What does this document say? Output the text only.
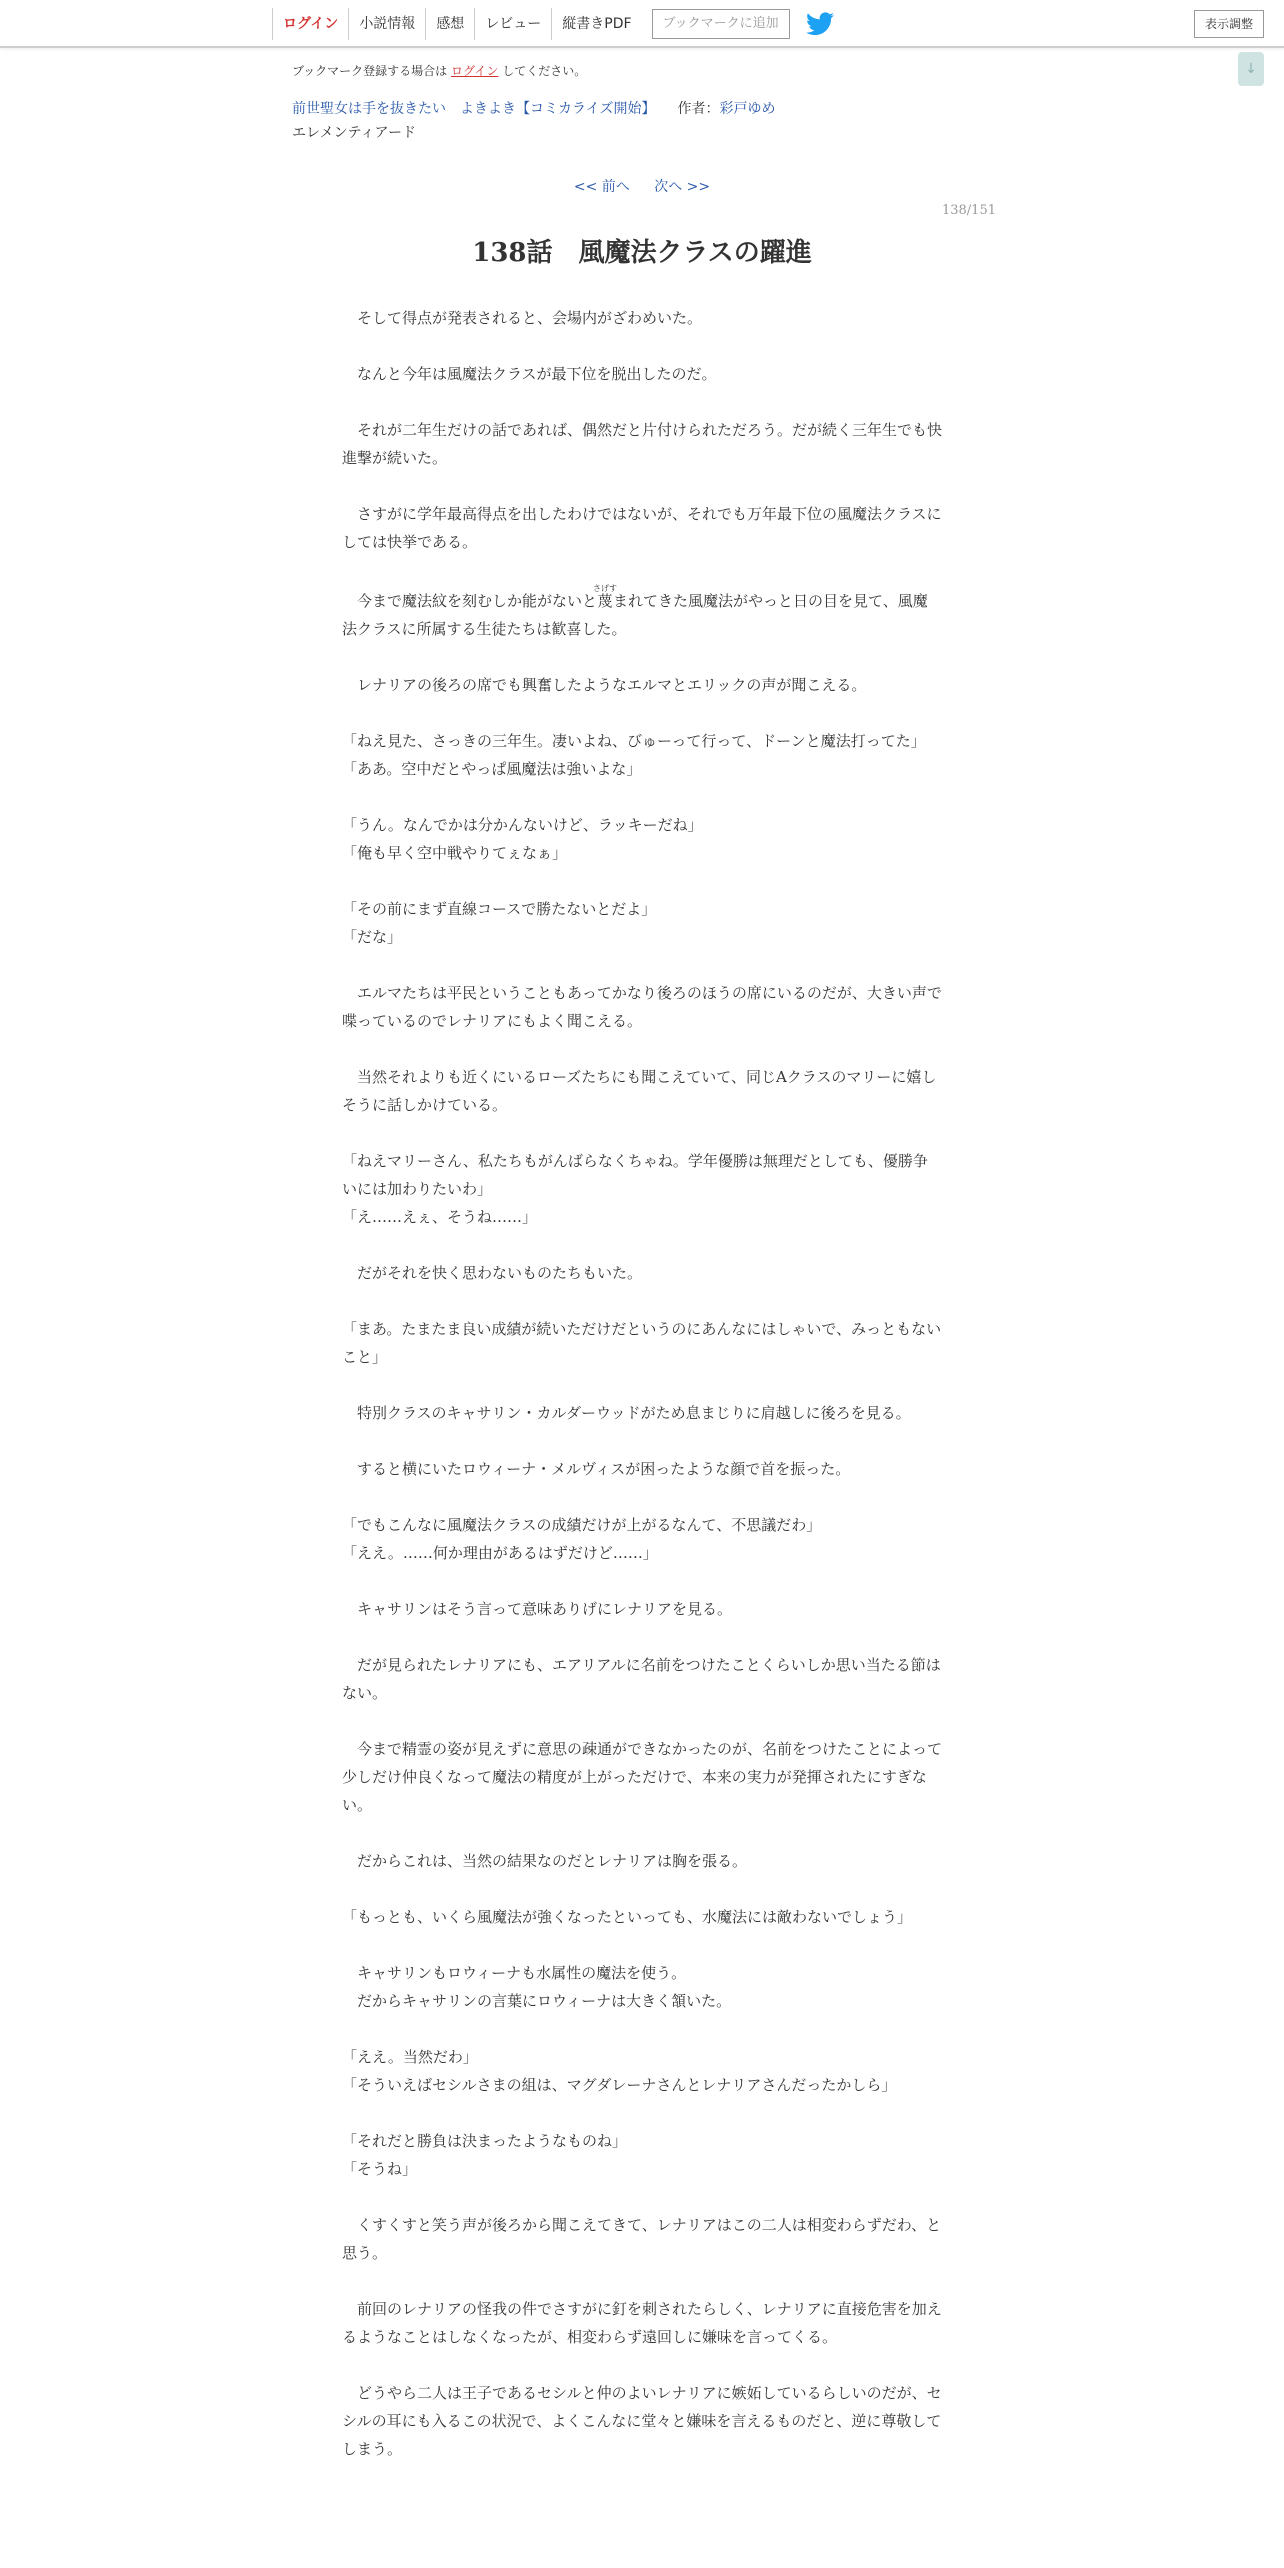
ログイン	小説情報	感想	レビュー	縦書きPDF	ブックマークに追加	表示調整
↓
ブックマーク登録する場合は ログイン してください。
前世聖女は手を抜きたい　よきよき【コミカライズ開始】 作者：彩戸ゆめ
エレメンティアード
<< 前へ 次へ >>
138/151
138話　風魔法クラスの躍進

　そして得点が発表されると、会場内がざわめいた。

　なんと今年は風魔法クラスが最下位を脱出したのだ。

　それが二年生だけの話であれば、偶然だと片付けられただろう。だが続く三年生でも快進撃が続いた。

　さすがに学年最高得点を出したわけではないが、それでも万年最下位の風魔法クラスにしては快挙である。

　今まで魔法紋を刻むしか能がないと蔑さげすまれてきた風魔法がやっと日の目を見て、風魔法クラスに所属する生徒たちは歓喜した。

　レナリアの後ろの席でも興奮したようなエルマとエリックの声が聞こえる。

「ねえ見た、さっきの三年生。凄いよね、びゅーって行って、ドーンと魔法打ってた」

「ああ。空中だとやっぱ風魔法は強いよな」

「うん。なんでかは分かんないけど、ラッキーだね」

「俺も早く空中戦やりてぇなぁ」

「その前にまず直線コースで勝たないとだよ」

「だな」

　エルマたちは平民ということもあってかなり後ろのほうの席にいるのだが、大きい声で喋っているのでレナリアにもよく聞こえる。

　当然それよりも近くにいるローズたちにも聞こえていて、同じAクラスのマリーに嬉しそうに話しかけている。

「ねえマリーさん、私たちもがんばらなくちゃね。学年優勝は無理だとしても、優勝争いには加わりたいわ」

「え……えぇ、そうね……」

　だがそれを快く思わないものたちもいた。

「まあ。たまたま良い成績が続いただけだというのにあんなにはしゃいで、みっともないこと」

　特別クラスのキャサリン・カルダーウッドがため息まじりに肩越しに後ろを見る。

　すると横にいたロウィーナ・メルヴィスが困ったような顔で首を振った。

「でもこんなに風魔法クラスの成績だけが上がるなんて、不思議だわ」

「ええ。……何か理由があるはずだけど……」

　キャサリンはそう言って意味ありげにレナリアを見る。

　だが見られたレナリアにも、エアリアルに名前をつけたことくらいしか思い当たる節はない。

　今まで精霊の姿が見えずに意思の疎通ができなかったのが、名前をつけたことによって少しだけ仲良くなって魔法の精度が上がっただけで、本来の実力が発揮されたにすぎない。

　だからこれは、当然の結果なのだとレナリアは胸を張る。

「もっとも、いくら風魔法が強くなったといっても、水魔法には敵わないでしょう」

　キャサリンもロウィーナも水属性の魔法を使う。

　だからキャサリンの言葉にロウィーナは大きく頷いた。

「ええ。当然だわ」

「そういえばセシルさまの組は、マグダレーナさんとレナリアさんだったかしら」

「それだと勝負は決まったようなものね」

「そうね」

　くすくすと笑う声が後ろから聞こえてきて、レナリアはこの二人は相変わらずだわ、と思う。

　前回のレナリアの怪我の件でさすがに釘を刺されたらしく、レナリアに直接危害を加えるようなことはしなくなったが、相変わらず遠回しに嫌味を言ってくる。

　どうやら二人は王子であるセシルと仲のよいレナリアに嫉妬しているらしいのだが、セシルの耳にも入るこの状況で、よくこんなに堂々と嫌味を言えるものだと、逆に尊敬してしまう。
